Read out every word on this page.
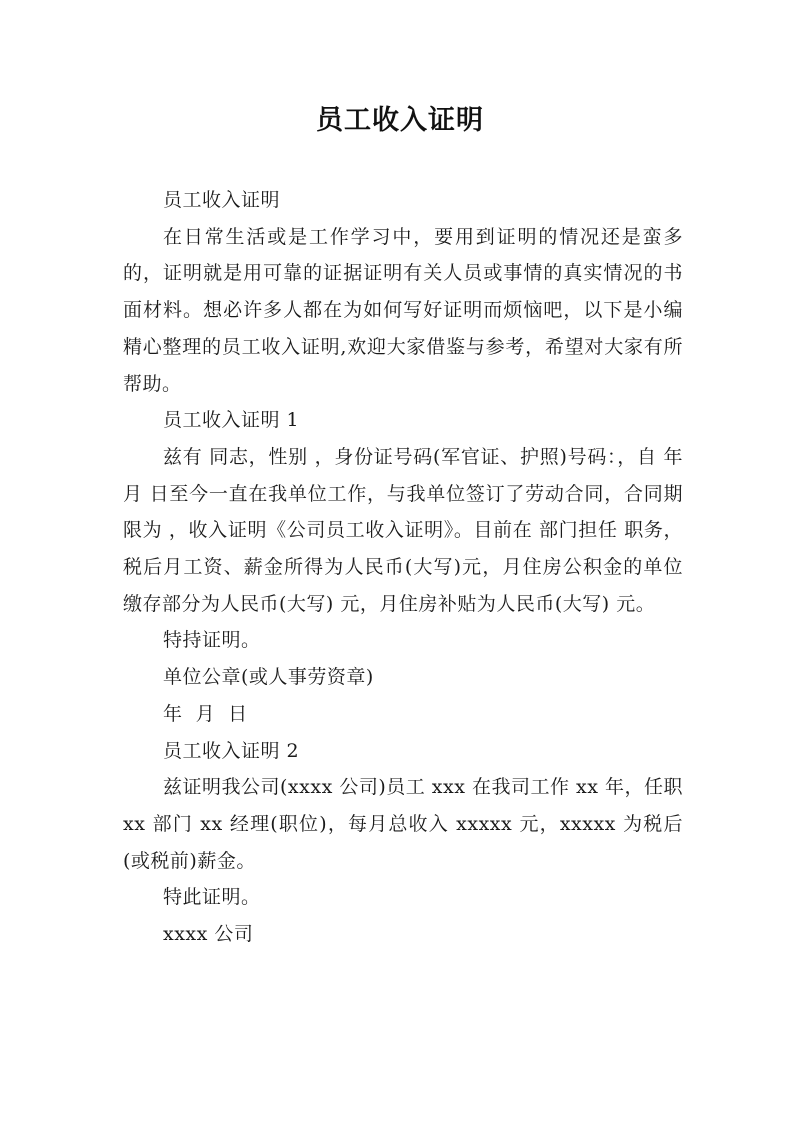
员工收入证明

员工收入证明

在日常生活或是工作学习中，要用到证明的情况还是蛮多的，证明就是用可靠的证据证明有关人员或事情的真实情况的书面材料。想必许多人都在为如何写好证明而烦恼吧，以下是小编精心整理的员工收入证明,欢迎大家借鉴与参考，希望对大家有所帮助。

员工收入证明 1

兹有 同志，性别 ，身份证号码(军官证、护照)号码：，自 年 月 日至今一直在我单位工作，与我单位签订了劳动合同，合同期限为 ，收入证明《公司员工收入证明》。目前在 部门担任 职务，税后月工资、薪金所得为人民币(大写)元，月住房公积金的单位缴存部分为人民币(大写) 元，月住房补贴为人民币(大写) 元。

特持证明。

单位公章(或人事劳资章)

年  月  日

员工收入证明 2

兹证明我公司(xxxx 公司)员工 xxx 在我司工作 xx 年，任职 xx 部门 xx 经理(职位)，每月总收入 xxxxx 元，xxxxx 为税后(或税前)薪金。

特此证明。

xxxx 公司
